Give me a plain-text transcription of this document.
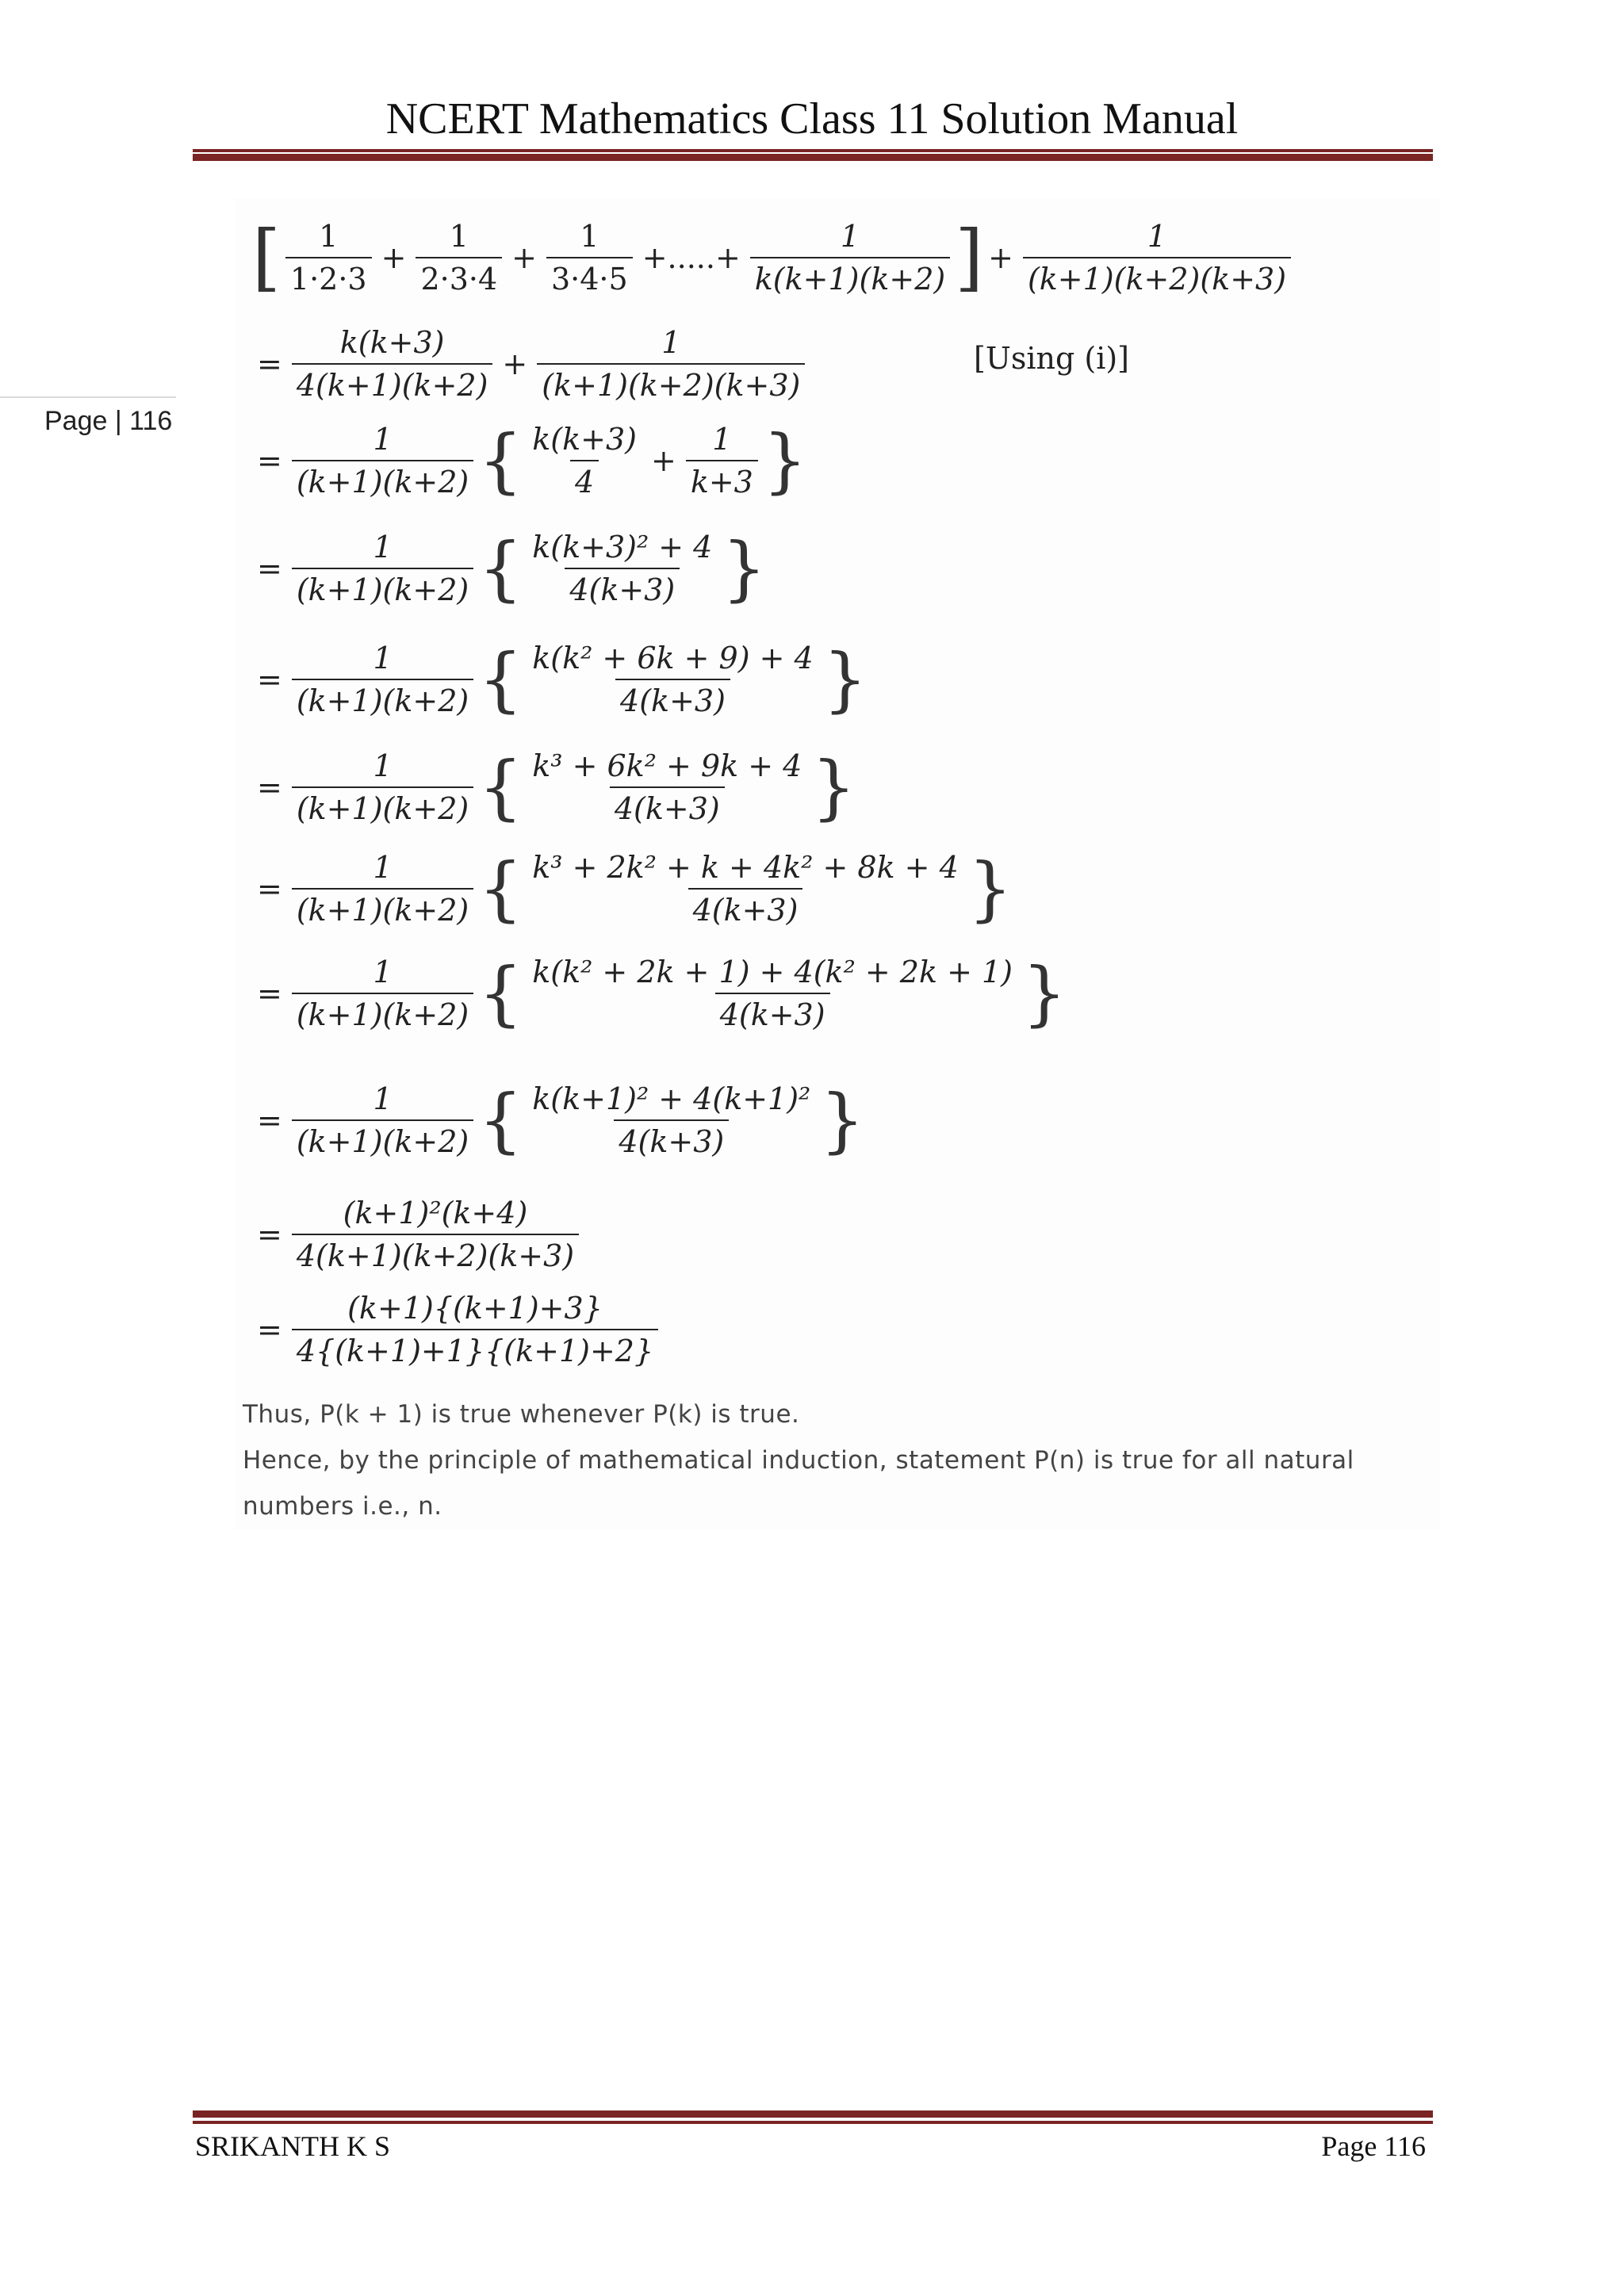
NCERT Mathematics Class 11 Solution Manual
Page | 116
[ $\frac{1}{1\cdot 2\cdot 3} + \frac{1}{2\cdot 3\cdot 4} + \frac{1}{3\cdot 4\cdot 5}$ +.....+ $\frac{1}{k(k+1)(k+2)}$ ] + $\frac{1}{(k+1)(k+2)(k+3)}$
= $\frac{k(k+3)}{4(k+1)(k+2)} + \frac{1}{(k+1)(k+2)(k+3)}$	[Using (i)]
= $\frac{1}{(k+1)(k+2)}$ { $\frac{k(k+3)}{4} + \frac{1}{k+3}$ }
= $\frac{1}{(k+1)(k+2)}$ { $\frac{\text{k(k+3)² + 4}}{4(k+3)}$ }
= $\frac{1}{(k+1)(k+2)}$ { $\frac{\text{k(k² + 6k + 9) + 4}}{4(k+3)}$ }
= $\frac{1}{(k+1)(k+2)}$ { $\frac{\text{k³ + 6k² + 9k + 4}}{4(k+3)}$ }
= $\frac{1}{(k+1)(k+2)}$ { $\frac{\text{k³ + 2k² + k + 4k² + 8k + 4}}{4(k+3)}$ }
= $\frac{1}{(k+1)(k+2)}$ { $\frac{\text{k(k² + 2k + 1) + 4(k² + 2k + 1)}}{4(k+3)}$ }
= $\frac{1}{(k+1)(k+2)}$ { $\frac{\text{k(k+1)² + 4(k+1)²}}{4(k+3)}$ }
= $\frac{\text{(k+1)²(k+4)}}{4(k+1)(k+2)(k+3)}$
= $\frac{(k+1)\{(k+1)+3\}}{4\{(k+1)+1\}\{(k+1)+2\}}$
Thus, P(k + 1) is true whenever P(k) is true.
Hence, by the principle of mathematical induction, statement P(n) is true for all natural
numbers i.e., n.
SRIKANTH K S	Page 116
